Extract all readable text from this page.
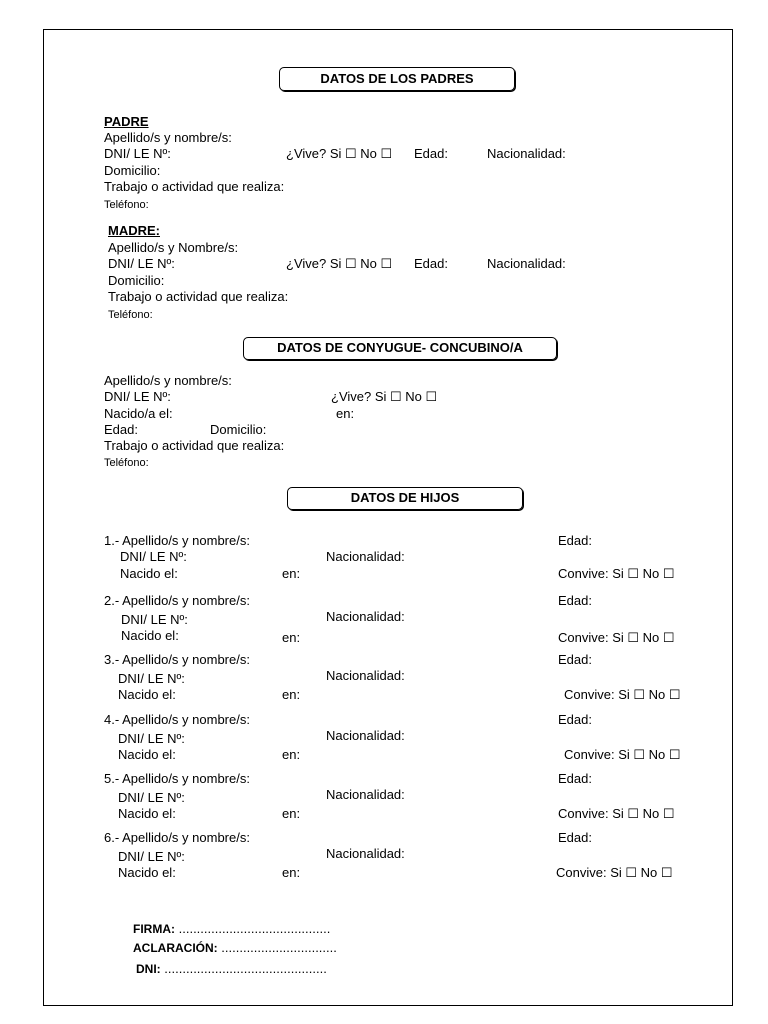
DATOS DE LOS PADRES
PADRE
Apellido/s y nombre/s:
DNI/ LE Nº:	¿Vive? Si ☐ No ☐ Edad:	Nacionalidad:
Domicilio:
Trabajo o actividad que realiza:
Teléfono:
MADRE:
Apellido/s y Nombre/s:
DNI/ LE Nº:	¿Vive? Si ☐ No ☐ Edad:	Nacionalidad:
Domicilio:
Trabajo o actividad que realiza:
Teléfono:
DATOS DE CONYUGUE- CONCUBINO/A
Apellido/s y nombre/s:
DNI/ LE Nº:	¿Vive? Si ☐ No ☐
Nacido/a el:	en:
Edad:	Domicilio:
Trabajo o actividad que realiza:
Teléfono:
DATOS DE HIJOS
1.- Apellido/s y nombre/s:	Edad:
DNI/ LE Nº:	Nacionalidad:
Nacido el:	en:	Convive: Si ☐ No ☐
2.- Apellido/s y nombre/s:	Edad:
DNI/ LE Nº:	Nacionalidad:
Nacido el:	en:	Convive: Si ☐ No ☐
3.- Apellido/s y nombre/s:	Edad:
DNI/ LE Nº:	Nacionalidad:
Nacido el:	en:	Convive: Si ☐ No ☐
4.- Apellido/s y nombre/s:	Edad:
DNI/ LE Nº:	Nacionalidad:
Nacido el:	en:	Convive: Si ☐ No ☐
5.- Apellido/s y nombre/s:	Edad:
DNI/ LE Nº:	Nacionalidad:
Nacido el:	en:	Convive: Si ☐ No ☐
6.- Apellido/s y nombre/s:	Edad:
DNI/ LE Nº:	Nacionalidad:
Nacido el:	en:	Convive: Si ☐ No ☐
FIRMA: ..........................................
ACLARACIÓN: ................................
DNI: .............................................
